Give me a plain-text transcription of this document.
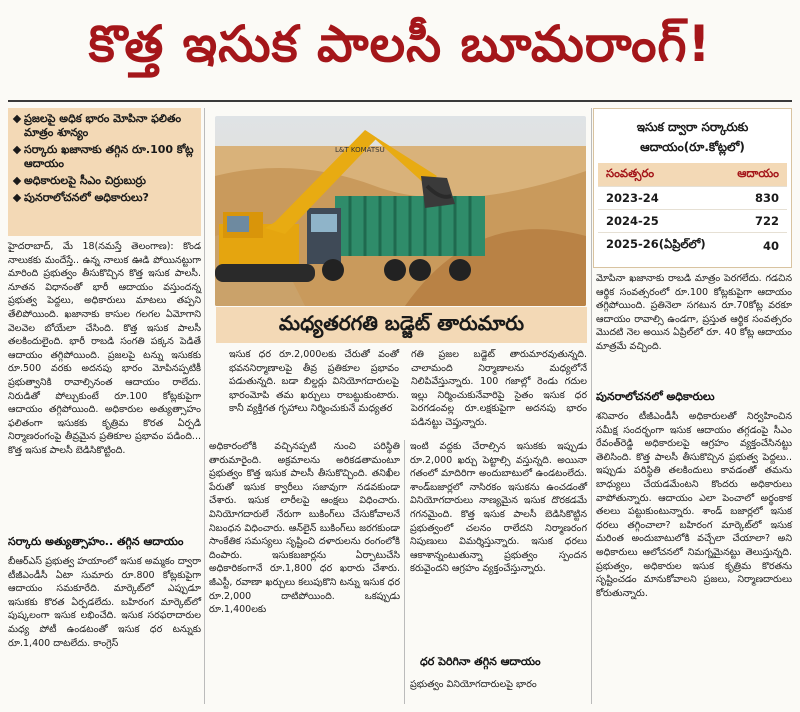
కొత్త ఇసుక పాలసీ బూమరాంగ్!
ప్రజలపై అధిక భారం మోపినా ఫలితం మాత్రం శూన్యం
సర్కారు ఖజానాకు తగ్గిన రూ.100 కోట్ల ఆదాయం
అధికారులపై సీఎం చిర్రుబుర్రు
పునరాలోచనలో అధికారులు?
L&T KOMATSU
మధ్యతరగతి బడ్జెట్ తారుమారు

ఇసుక ధర రూ.2,000లకు చేరుతో వంతో భవననిర్మాణాలపై తీవ్ర ప్రతికూల ప్రభావం పడుతున్నది. బడా బిల్డర్లు వినియోగదారులపై భారంమోపి తమ ఖర్చులు రాబట్టుకుంటారు. కానీ వ్యక్తిగత గృహాలు నిర్మించుకునే మధ్యతర

గతి ప్రజల బడ్జెట్ తారుమారవుతున్నది. చాలామంది నిర్మాణాలను మధ్యలోనే నిలిపివేస్తున్నారు. 100 గజాల్లో రెండు గదుల ఇల్లు నిర్మించుకునేవారిపై సైతం ఇసుక ధర పెరగడంవల్ల రూ.లక్షకుపైగా అదనపు భారం పడినట్టు చెప్తున్నారు.

హైదరాబాద్, మే 18(నమస్తే తెలంగాణ): కొండ నాలుకకు మందేస్తే.. ఉన్న నాలుక ఊడి పోయినట్టుగా మారింది ప్రభుత్వం తీసుకొచ్చిన కొత్త ఇసుక పాలసీ. నూతన విధానంతో భారీ ఆదాయం వస్తుందన్న ప్రభుత్వ పెద్దలు, అధికారులు మాటలు తప్పని తేలిపోయింది. ఖజానాకు కాసుల గలగల ఏమోగాని వెలవెల బోయేలా చేసింది. కొత్త ఇసుక పాలసీ తలకిందులైంది. భారీ రాబడి సంగతి పక్కన పెడితే ఆదాయం తగ్గిపోయింది. ప్రజలపై టన్ను ఇసుకకు రూ.500 వరకు అదనపు భారం మోపినప్పటికీ ప్రభుత్వానికి రావాల్సినంత ఆదాయం రాలేదు. నిరుడితో పోల్చుకుంటే రూ.100 కోట్లకుపైగా ఆదాయం తగ్గిపోయింది. అధికారుల అత్యుత్సాహం ఫలితంగా ఇసుకకు కృత్రిమ కొరత ఏర్పడి నిర్మాణరంగంపై తీవ్రమైన ప్రతికూల ప్రభావం పడింది... కొత్త ఇసుక పాలసీ బెడిసికొట్టింది.

సర్కారు అత్యుత్సాహం.. తగ్గిన ఆదాయం

బీఆర్ఎస్ ప్రభుత్వ హయాంలో ఇసుక అమ్మకం ద్వారా టీజీఎండీసీ ఏటా సుమారు రూ.800 కోట్లకుపైగా ఆదాయం సమకూరేది. మార్కెట్‌లో ఎప్పుడూ ఇసుకకు కొరత ఏర్పడలేదు. బహిరంగ మార్కెట్‌లో పుష్కలంగా ఇసుక లభించేది. ఇసుక సరఫరాదారుల మధ్య పోటీ ఉండటంతో ఇసుక ధర టన్నుకు రూ.1,400 దాటలేదు. కాంగ్రెస్

అధికారంలోకి వచ్చినప్పటి నుంచి పరిస్థితి తారుమారైంది. అక్రమాలను అరికడతామంటూ ప్రభుత్వం కొత్త ఇసుక పాలసీ తీసుకొచ్చింది. తనిఖీల పేరుతో ఇసుక క్వారీలు సజావుగా నడవకుండా చేశారు. ఇసుక లారీలపై ఆంక్షలు విధించారు. వినియోగదారులే నేరుగా బుకింగ్‌లు చేసుకోవాలనే నిబంధన విధించారు. ఆన్‌లైన్ బుకింగ్‌లు జరగకుండా సాంకేతిక సమస్యలు సృష్టించి దళారులను రంగంలోకి దింపారు. ఇసుకబజార్లను ఏర్పాటుచేసి అధికారికంగానే రూ.1,800 ధర ఖరారు చేశారు. జీఎస్టీ, రవాణా ఖర్చులు కలుపుకొని టన్ను ఇసుక ధర రూ.2,000 దాటిపోయింది. ఒకప్పుడు రూ.1,400లకు

ఇంటి వద్దకు చేరాల్సిన ఇసుకకు ఇప్పుడు రూ.2,000 ఖర్చు పెట్టాల్సి వస్తున్నది. అయినా గతంలో మాదిరిగా అందుబాటులో ఉండటంలేదు. శాండ్‌బజార్లలో నాసిరకం ఇసుకను ఉంచడంతో వినియోగదారులు నాణ్యమైన ఇసుక దొరకడమే గగనమైంది. కొత్త ఇసుక పాలసీ బెడిసికొట్టిన ప్రభుత్వంలో చలనం రాలేదని నిర్మాణరంగ నిపుణులు విమర్శిస్తున్నారు. ఇసుక ధరలు ఆకాశాన్నంటుతున్నా ప్రభుత్వం స్పందన కరువైందని ఆగ్రహం వ్యక్తంచేస్తున్నారు.

ధర పెరిగినా తగ్గిన ఆదాయం

ప్రభుత్వం వినియోగదారులపై భారం

ఇసుక ద్వారా సర్కారుకు ఆదాయం(రూ.కోట్లలో)
సంవత్సరం	ఆదాయం
2023-24	830
2024-25	722
2025-26(ఏప్రిల్‌లో)	40

మోపినా ఖజానాకు రాబడి మాత్రం పెరగలేదు. గడచిన ఆర్థిక సంవత్సరంలో రూ.100 కోట్లకుపైగా ఆదాయం తగ్గిపోయింది. ప్రతినెలా సగటున రూ.70కోట్ల వరకూ ఆదాయం రావాల్సి ఉండగా, ప్రస్తుత ఆర్థిక సంవత్సరం మొదటి నెల అయిన ఏప్రిల్‌లో రూ. 40 కోట్ల ఆదాయం మాత్రమే వచ్చింది.

పునరాలోచనలో అధికారులు

శనివారం టీజీఎండీసీ అధికారులతో నిర్వహించిన సమీక్ష సందర్భంగా ఇసుక ఆదాయం తగ్గడంపై సీఎం రేవంత్‌రెడ్డి అధికారులపై ఆగ్రహం వ్యక్తంచేసినట్టు తెలిసింది. కొత్త పాలసీ తీసుకొచ్చిన ప్రభుత్వ పెద్దలు.. ఇప్పుడు పరిస్థితి తలకిందులు కావడంతో తమను బాధ్యులు చేయడమేంటని కొందరు అధికారులు వాపోతున్నారు. ఆదాయం ఎలా పెంచాలో అర్థంకాక తలలు పట్టుకుంటున్నారు. శాండ్ బజార్లలో ఇసుక ధరలు తగ్గించాలా? బహిరంగ మార్కెట్‌లో ఇసుక మరింత అందుబాటులోకి వచ్చేలా చేయాలా? అని అధికారులు ఆలోచనలో నిమగ్నమైనట్టు తెలుస్తున్నది. ప్రభుత్వం, అధికారుల ఇసుక కృత్రిమ కొరతను సృష్టించడం మానుకోవాలని ప్రజలు, నిర్మాణదారులు కోరుతున్నారు.
